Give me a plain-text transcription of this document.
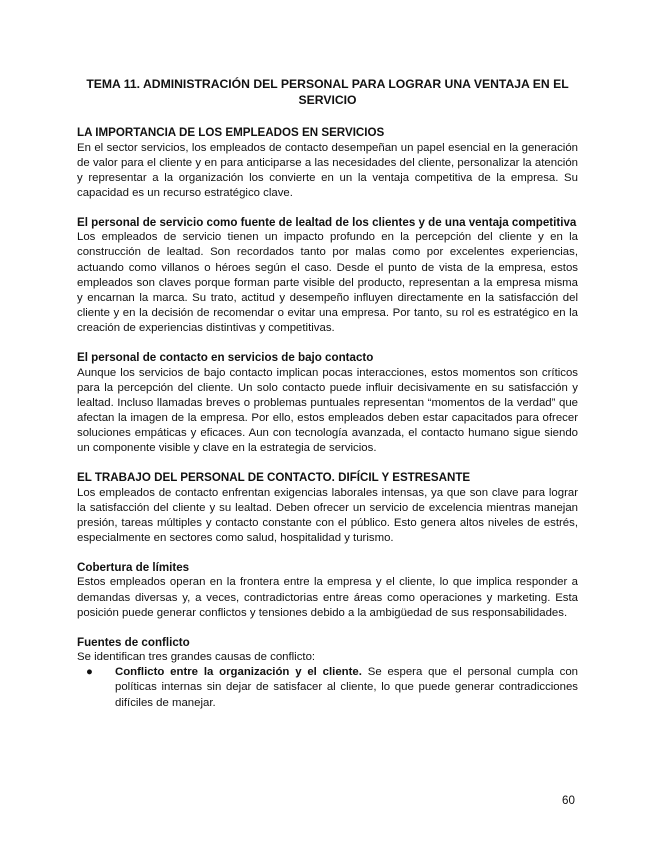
TEMA 11. ADMINISTRACIÓN DEL PERSONAL PARA LOGRAR UNA VENTAJA EN EL SERVICIO

LA IMPORTANCIA DE LOS EMPLEADOS EN SERVICIOS

En el sector servicios, los empleados de contacto desempeñan un papel esencial en la generación de valor para el cliente y en para anticiparse a las necesidades del cliente, personalizar la atención y representar a la organización los convierte en un la ventaja competitiva de la empresa. Su capacidad es un recurso estratégico clave.

El personal de servicio como fuente de lealtad de los clientes y de una ventaja competitiva

Los empleados de servicio tienen un impacto profundo en la percepción del cliente y en la construcción de lealtad. Son recordados tanto por malas como por excelentes experiencias, actuando como villanos o héroes según el caso. Desde el punto de vista de la empresa, estos empleados son claves porque forman parte visible del producto, representan a la empresa misma y encarnan la marca. Su trato, actitud y desempeño influyen directamente en la satisfacción del cliente y en la decisión de recomendar o evitar una empresa. Por tanto, su rol es estratégico en la creación de experiencias distintivas y competitivas.

El personal de contacto en servicios de bajo contacto

Aunque los servicios de bajo contacto implican pocas interacciones, estos momentos son críticos para la percepción del cliente. Un solo contacto puede influir decisivamente en su satisfacción y lealtad. Incluso llamadas breves o problemas puntuales representan “momentos de la verdad” que afectan la imagen de la empresa. Por ello, estos empleados deben estar capacitados para ofrecer soluciones empáticas y eficaces. Aun con tecnología avanzada, el contacto humano sigue siendo un componente visible y clave en la estrategia de servicios.

EL TRABAJO DEL PERSONAL DE CONTACTO. DIFÍCIL Y ESTRESANTE

Los empleados de contacto enfrentan exigencias laborales intensas, ya que son clave para lograr la satisfacción del cliente y su lealtad. Deben ofrecer un servicio de excelencia mientras manejan presión, tareas múltiples y contacto constante con el público. Esto genera altos niveles de estrés, especialmente en sectores como salud, hospitalidad y turismo.

Cobertura de límites

Estos empleados operan en la frontera entre la empresa y el cliente, lo que implica responder a demandas diversas y, a veces, contradictorias entre áreas como operaciones y marketing. Esta posición puede generar conflictos y tensiones debido a la ambigüedad de sus responsabilidades.

Fuentes de conflicto

Se identifican tres grandes causas de conflicto:

● Conflicto entre la organización y el cliente. Se espera que el personal cumpla con políticas internas sin dejar de satisfacer al cliente, lo que puede generar contradicciones difíciles de manejar.
60
